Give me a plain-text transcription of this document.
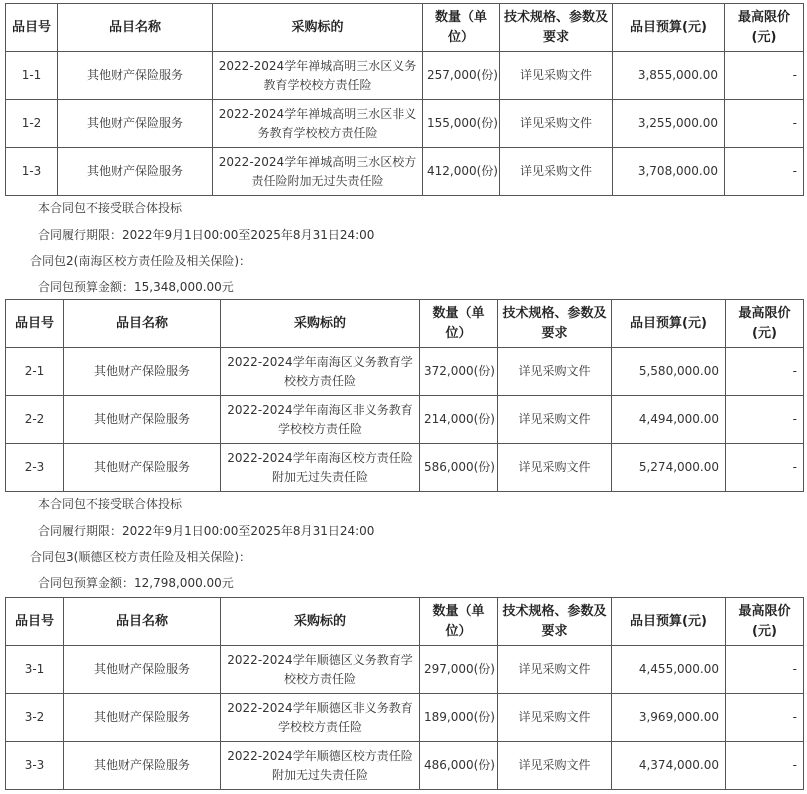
品目号	品目名称	采购标的	数量（单位）	技术规格、参数及要求	品目预算(元)	最高限价(元)
1-1	其他财产保险服务	2022-2024学年禅城高明三水区义务教育学校校方责任险	257,000(份)	详见采购文件	3,855,000.00	-
1-2	其他财产保险服务	2022-2024学年禅城高明三水区非义务教育学校校方责任险	155,000(份)	详见采购文件	3,255,000.00	-
1-3	其他财产保险服务	2022-2024学年禅城高明三水区校方责任险附加无过失责任险	412,000(份)	详见采购文件	3,708,000.00	-
本合同包不接受联合体投标
合同履行期限：2022年9月1日00:00至2025年8月31日24:00
合同包2(南海区校方责任险及相关保险)：
合同包预算金额：15,348,000.00元
品目号	品目名称	采购标的	数量（单位）	技术规格、参数及要求	品目预算(元)	最高限价(元)
2-1	其他财产保险服务	2022-2024学年南海区义务教育学校校方责任险	372,000(份)	详见采购文件	5,580,000.00	-
2-2	其他财产保险服务	2022-2024学年南海区非义务教育学校校方责任险	214,000(份)	详见采购文件	4,494,000.00	-
2-3	其他财产保险服务	2022-2024学年南海区校方责任险附加无过失责任险	586,000(份)	详见采购文件	5,274,000.00	-
本合同包不接受联合体投标
合同履行期限：2022年9月1日00:00至2025年8月31日24:00
合同包3(顺德区校方责任险及相关保险)：
合同包预算金额：12,798,000.00元
品目号	品目名称	采购标的	数量（单位）	技术规格、参数及要求	品目预算(元)	最高限价(元)
3-1	其他财产保险服务	2022-2024学年顺德区义务教育学校校方责任险	297,000(份)	详见采购文件	4,455,000.00	-
3-2	其他财产保险服务	2022-2024学年顺德区非义务教育学校校方责任险	189,000(份)	详见采购文件	3,969,000.00	-
3-3	其他财产保险服务	2022-2024学年顺德区校方责任险附加无过失责任险	486,000(份)	详见采购文件	4,374,000.00	-
